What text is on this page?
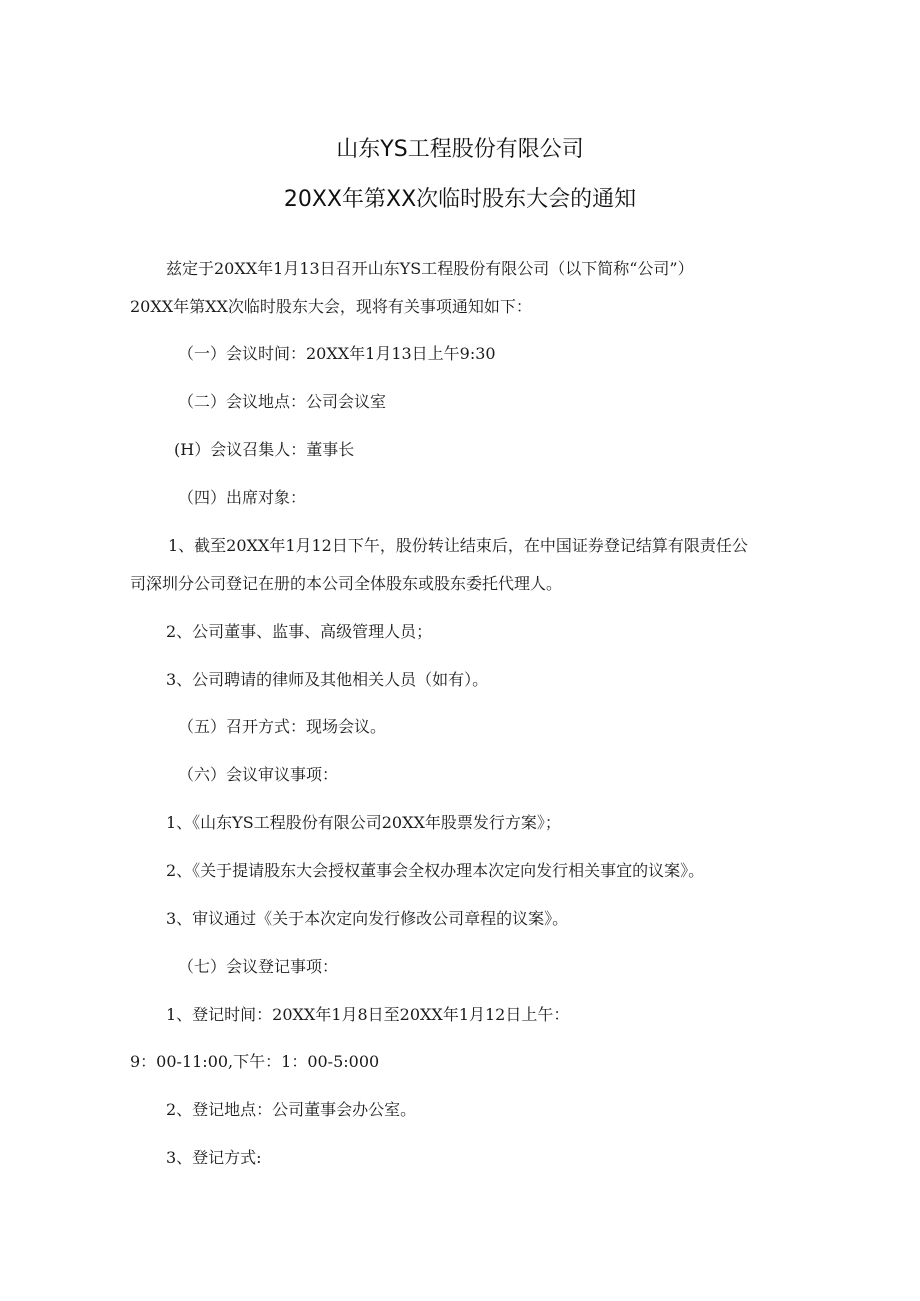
山东YS工程股份有限公司
20XX年第XX次临时股东大会的通知
兹定于20XX年1月13日召开山东YS工程股份有限公司（以下简称“公司”）
20XX年第XX次临时股东大会，现将有关事项通知如下：
（一）会议时间：20XX年1月13日上午9:30
（二）会议地点：公司会议室
(H）会议召集人：董事长
（四）出席对象：
1、截至20XX年1月12日下午，股份转让结束后，在中国证券登记结算有限责任公
司深圳分公司登记在册的本公司全体股东或股东委托代理人。
2、公司董事、监事、高级管理人员；
3、公司聘请的律师及其他相关人员（如有）。
（五）召开方式：现场会议。
（六）会议审议事项：
1、《山东YS工程股份有限公司20XX年股票发行方案》；
2、《关于提请股东大会授权董事会全权办理本次定向发行相关事宜的议案》。
3、审议通过《关于本次定向发行修改公司章程的议案》。
（七）会议登记事项：
1、登记时间：20XX年1月8日至20XX年1月12日上午：
9：00-11:00,下午：1：00-5:000
2、登记地点：公司董事会办公室。
3、登记方式:
